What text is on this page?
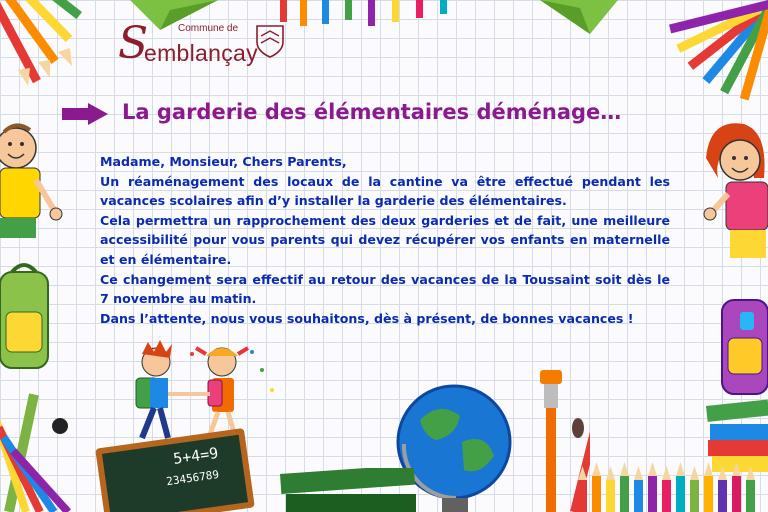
Commune de
S
emblançay
La garderie des élémentaires déménage…

Madame, Monsieur, Chers Parents,

Un réaménagement des locaux de la cantine va être effectué pendant les vacances scolaires afin d’y installer la garderie des élémentaires.

Cela permettra un rapprochement des deux garderies et de fait, une meilleure accessibilité pour vous parents qui devez récupérer vos enfants en maternelle et en élémentaire.

Ce changement sera effectif au retour des vacances de la Toussaint soit dès le 7 novembre au matin.

Dans l’attente, nous vous souhaitons, dès à présent, de bonnes vacances !

5+4=9
23456789
